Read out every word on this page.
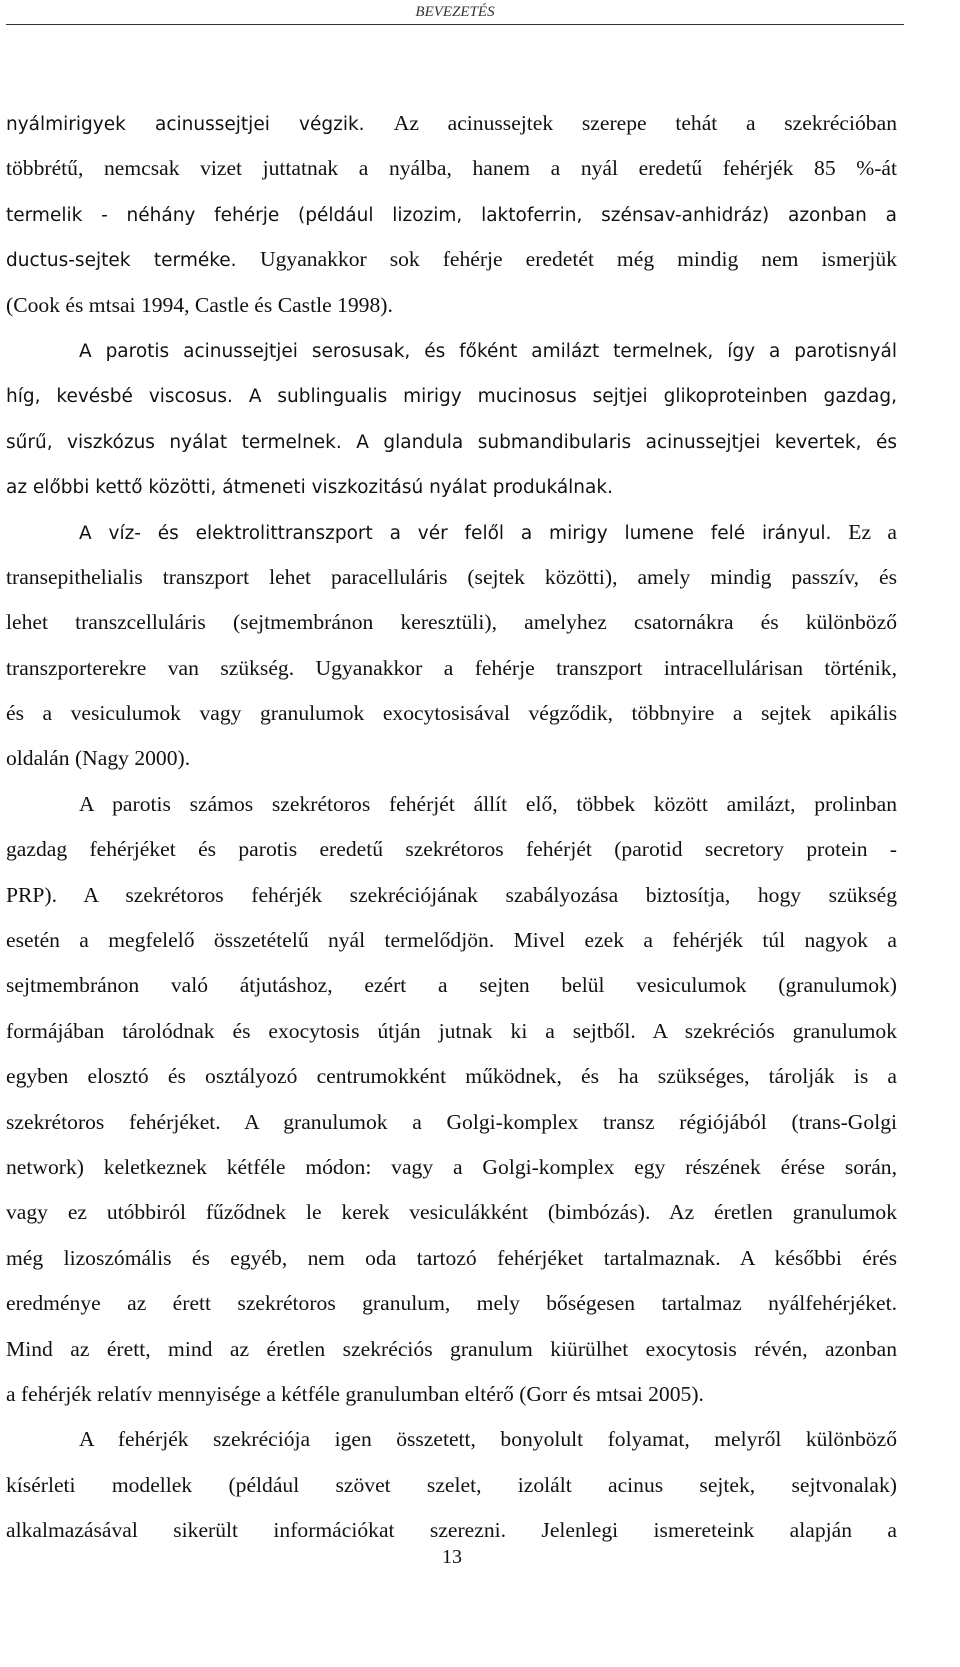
BEVEZETÉS
nyálmirigyek acinussejtjei végzik. Az acinussejtek szerepe tehát a szekrécióban
többrétű, nemcsak vizet juttatnak a nyálba, hanem a nyál eredetű fehérjék 85 %-át
termelik - néhány fehérje (például lizozim, laktoferrin, szénsav-anhidráz) azonban a
ductus-sejtek terméke. Ugyanakkor sok fehérje eredetét még mindig nem ismerjük
(Cook és mtsai 1994, Castle és Castle 1998).
A parotis acinussejtjei serosusak, és főként amilázt termelnek, így a parotisnyál
híg, kevésbé viscosus. A sublingualis mirigy mucinosus sejtjei glikoproteinben gazdag,
sűrű, viszkózus nyálat termelnek. A glandula submandibularis acinussejtjei kevertek, és
az előbbi kettő közötti, átmeneti viszkozitású nyálat produkálnak.
A víz- és elektrolittranszport a vér felől a mirigy lumene felé irányul. Ez a
transepithelialis transzport lehet paracelluláris (sejtek közötti), amely mindig passzív, és
lehet transzcelluláris (sejtmembránon keresztüli), amelyhez csatornákra és különböző
transzporterekre van szükség. Ugyanakkor a fehérje transzport intracellulárisan történik,
és a vesiculumok vagy granulumok exocytosisával végződik, többnyire a sejtek apikális
oldalán (Nagy 2000).
A parotis számos szekrétoros fehérjét állít elő, többek között amilázt, prolinban
gazdag fehérjéket és parotis eredetű szekrétoros fehérjét (parotid secretory protein -
PRP). A szekrétoros fehérjék szekréciójának szabályozása biztosítja, hogy szükség
esetén a megfelelő összetételű nyál termelődjön. Mivel ezek a fehérjék túl nagyok a
sejtmembránon való átjutáshoz, ezért a sejten belül vesiculumok (granulumok)
formájában tárolódnak és exocytosis útján jutnak ki a sejtből. A szekréciós granulumok
egyben elosztó és osztályozó centrumokként működnek, és ha szükséges, tárolják is a
szekrétoros fehérjéket. A granulumok a Golgi-komplex transz régiójából (trans-Golgi
network) keletkeznek kétféle módon: vagy a Golgi-komplex egy részének érése során,
vagy ez utóbbiról fűződnek le kerek vesiculákként (bimbózás). Az éretlen granulumok
még lizoszómális és egyéb, nem oda tartozó fehérjéket tartalmaznak. A későbbi érés
eredménye az érett szekrétoros granulum, mely bőségesen tartalmaz nyálfehérjéket.
Mind az érett, mind az éretlen szekréciós granulum kiürülhet exocytosis révén, azonban
a fehérjék relatív mennyisége a kétféle granulumban eltérő (Gorr és mtsai 2005).
A fehérjék szekréciója igen összetett, bonyolult folyamat, melyről különböző
kísérleti modellek (például szövet szelet, izolált acinus sejtek, sejtvonalak)
alkalmazásával sikerült információkat szerezni. Jelenlegi ismereteink alapján a
13
